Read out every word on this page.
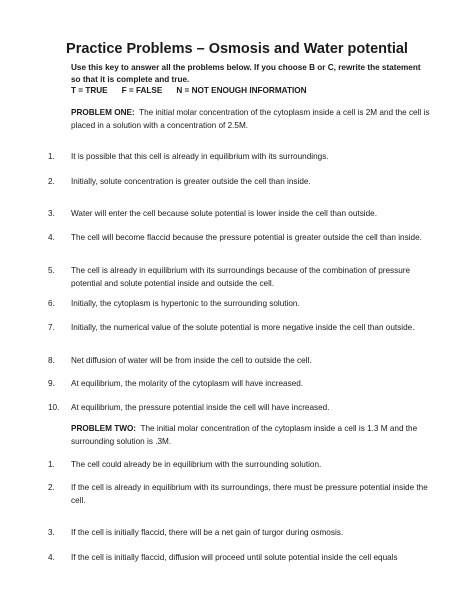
Practice Problems – Osmosis and Water potential
Use this key to answer all the problems below. If you choose B or C, rewrite the statement
so that it is complete and true.
T = TRUE F = FALSE N = NOT ENOUGH INFORMATION

PROBLEM ONE: The initial molar concentration of the cytoplasm inside a cell is 2M and the cell is placed in a solution with a concentration of 2.5M.

1.	It is possible that this cell is already in equilibrium with its surroundings.
2.	Initially, solute concentration is greater outside the cell than inside.
3.	Water will enter the cell because solute potential is lower inside the cell than outside.
4.	The cell will become flaccid because the pressure potential is greater outside the cell than inside.
5.	The cell is already in equilibrium with its surroundings because of the combination of pressure potential and solute potential inside and outside the cell.
6.	Initially, the cytoplasm is hypertonic to the surrounding solution.
7.	Initially, the numerical value of the solute potential is more negative inside the cell than outside.
8.	Net diffusion of water will be from inside the cell to outside the cell.
9.	At equilibrium, the molarity of the cytoplasm will have increased.
10.	At equilibrium, the pressure potential inside the cell will have increased.

PROBLEM TWO: The initial molar concentration of the cytoplasm inside a cell is 1.3 M and the surrounding solution is .3M.

1.	The cell could already be in equilibrium with the surrounding solution.
2.	If the cell is already in equilibrium with its surroundings, there must be pressure potential inside the cell.
3.	If the cell is initially flaccid, there will be a net gain of turgor during osmosis.
4.	If the cell is initially flaccid, diffusion will proceed until solute potential inside the cell equals
